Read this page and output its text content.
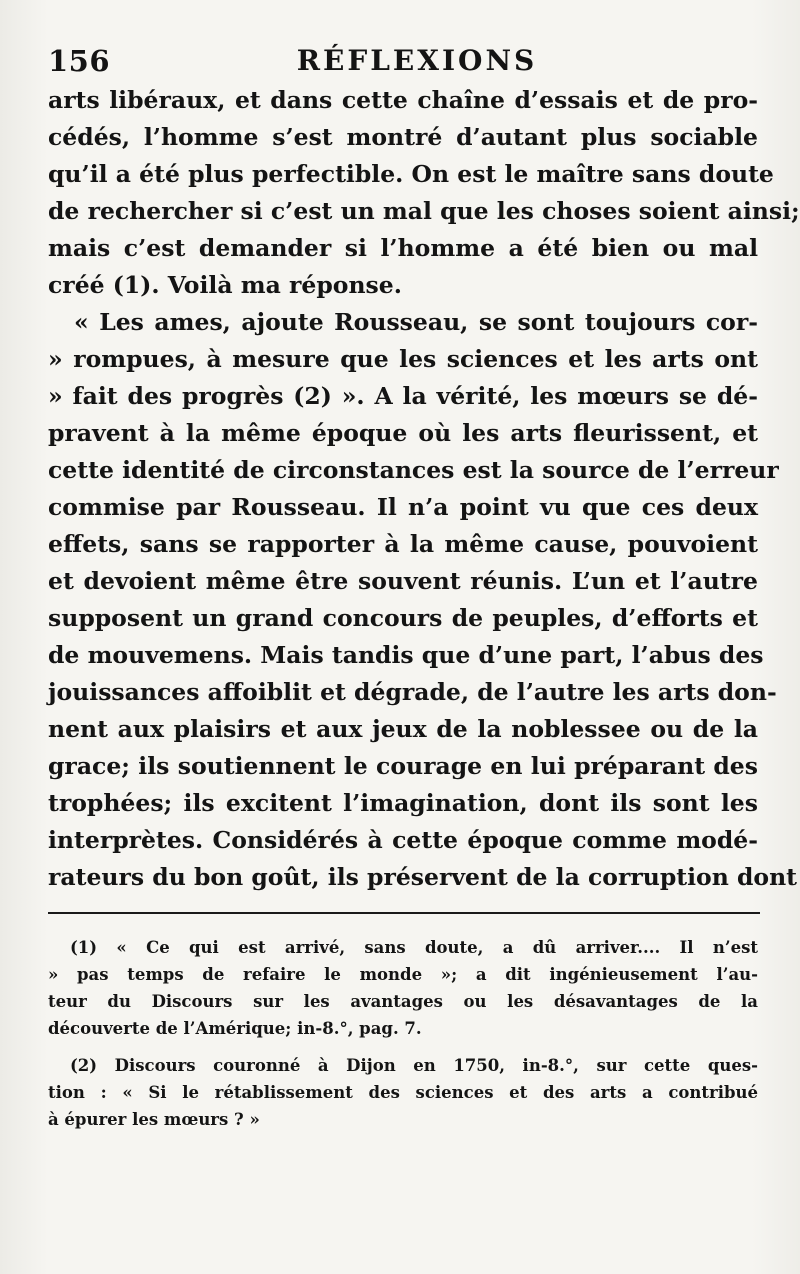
156	RÉFLEXIONS
arts libéraux, et dans cette chaîne d’essais et de pro-
cédés, l’homme s’est montré d’autant plus sociable
qu’il a été plus perfectible. On est le maître sans doute
de rechercher si c’est un mal que les choses soient ainsi;
mais c’est demander si l’homme a été bien ou mal
créé (1). Voilà ma réponse.
« Les ames, ajoute Rousseau, se sont toujours cor-
» rompues, à mesure que les sciences et les arts ont
» fait des progrès (2) ». A la vérité, les mœurs se dé-
pravent à la même époque où les arts fleurissent, et
cette identité de circonstances est la source de l’erreur
commise par Rousseau. Il n’a point vu que ces deux
effets, sans se rapporter à la même cause, pouvoient
et devoient même être souvent réunis. L’un et l’autre
supposent un grand concours de peuples, d’efforts et
de mouvemens. Mais tandis que d’une part, l’abus des
jouissances affoiblit et dégrade, de l’autre les arts don-
nent aux plaisirs et aux jeux de la noblessee ou de la
grace; ils soutiennent le courage en lui préparant des
trophées; ils excitent l’imagination, dont ils sont les
interprètes. Considérés à cette époque comme modé-
rateurs du bon goût, ils préservent de la corruption dont
(1) « Ce qui est arrivé, sans doute, a dû arriver.... Il n’est
» pas temps de refaire le monde »; a dit ingénieusement l’au-
teur du Discours sur les avantages ou les désavantages de la
découverte de l’Amérique; in-8.°, pag. 7.
(2) Discours couronné à Dijon en 1750, in-8.°, sur cette ques-
tion : « Si le rétablissement des sciences et des arts a contribué
à épurer les mœurs ? »
